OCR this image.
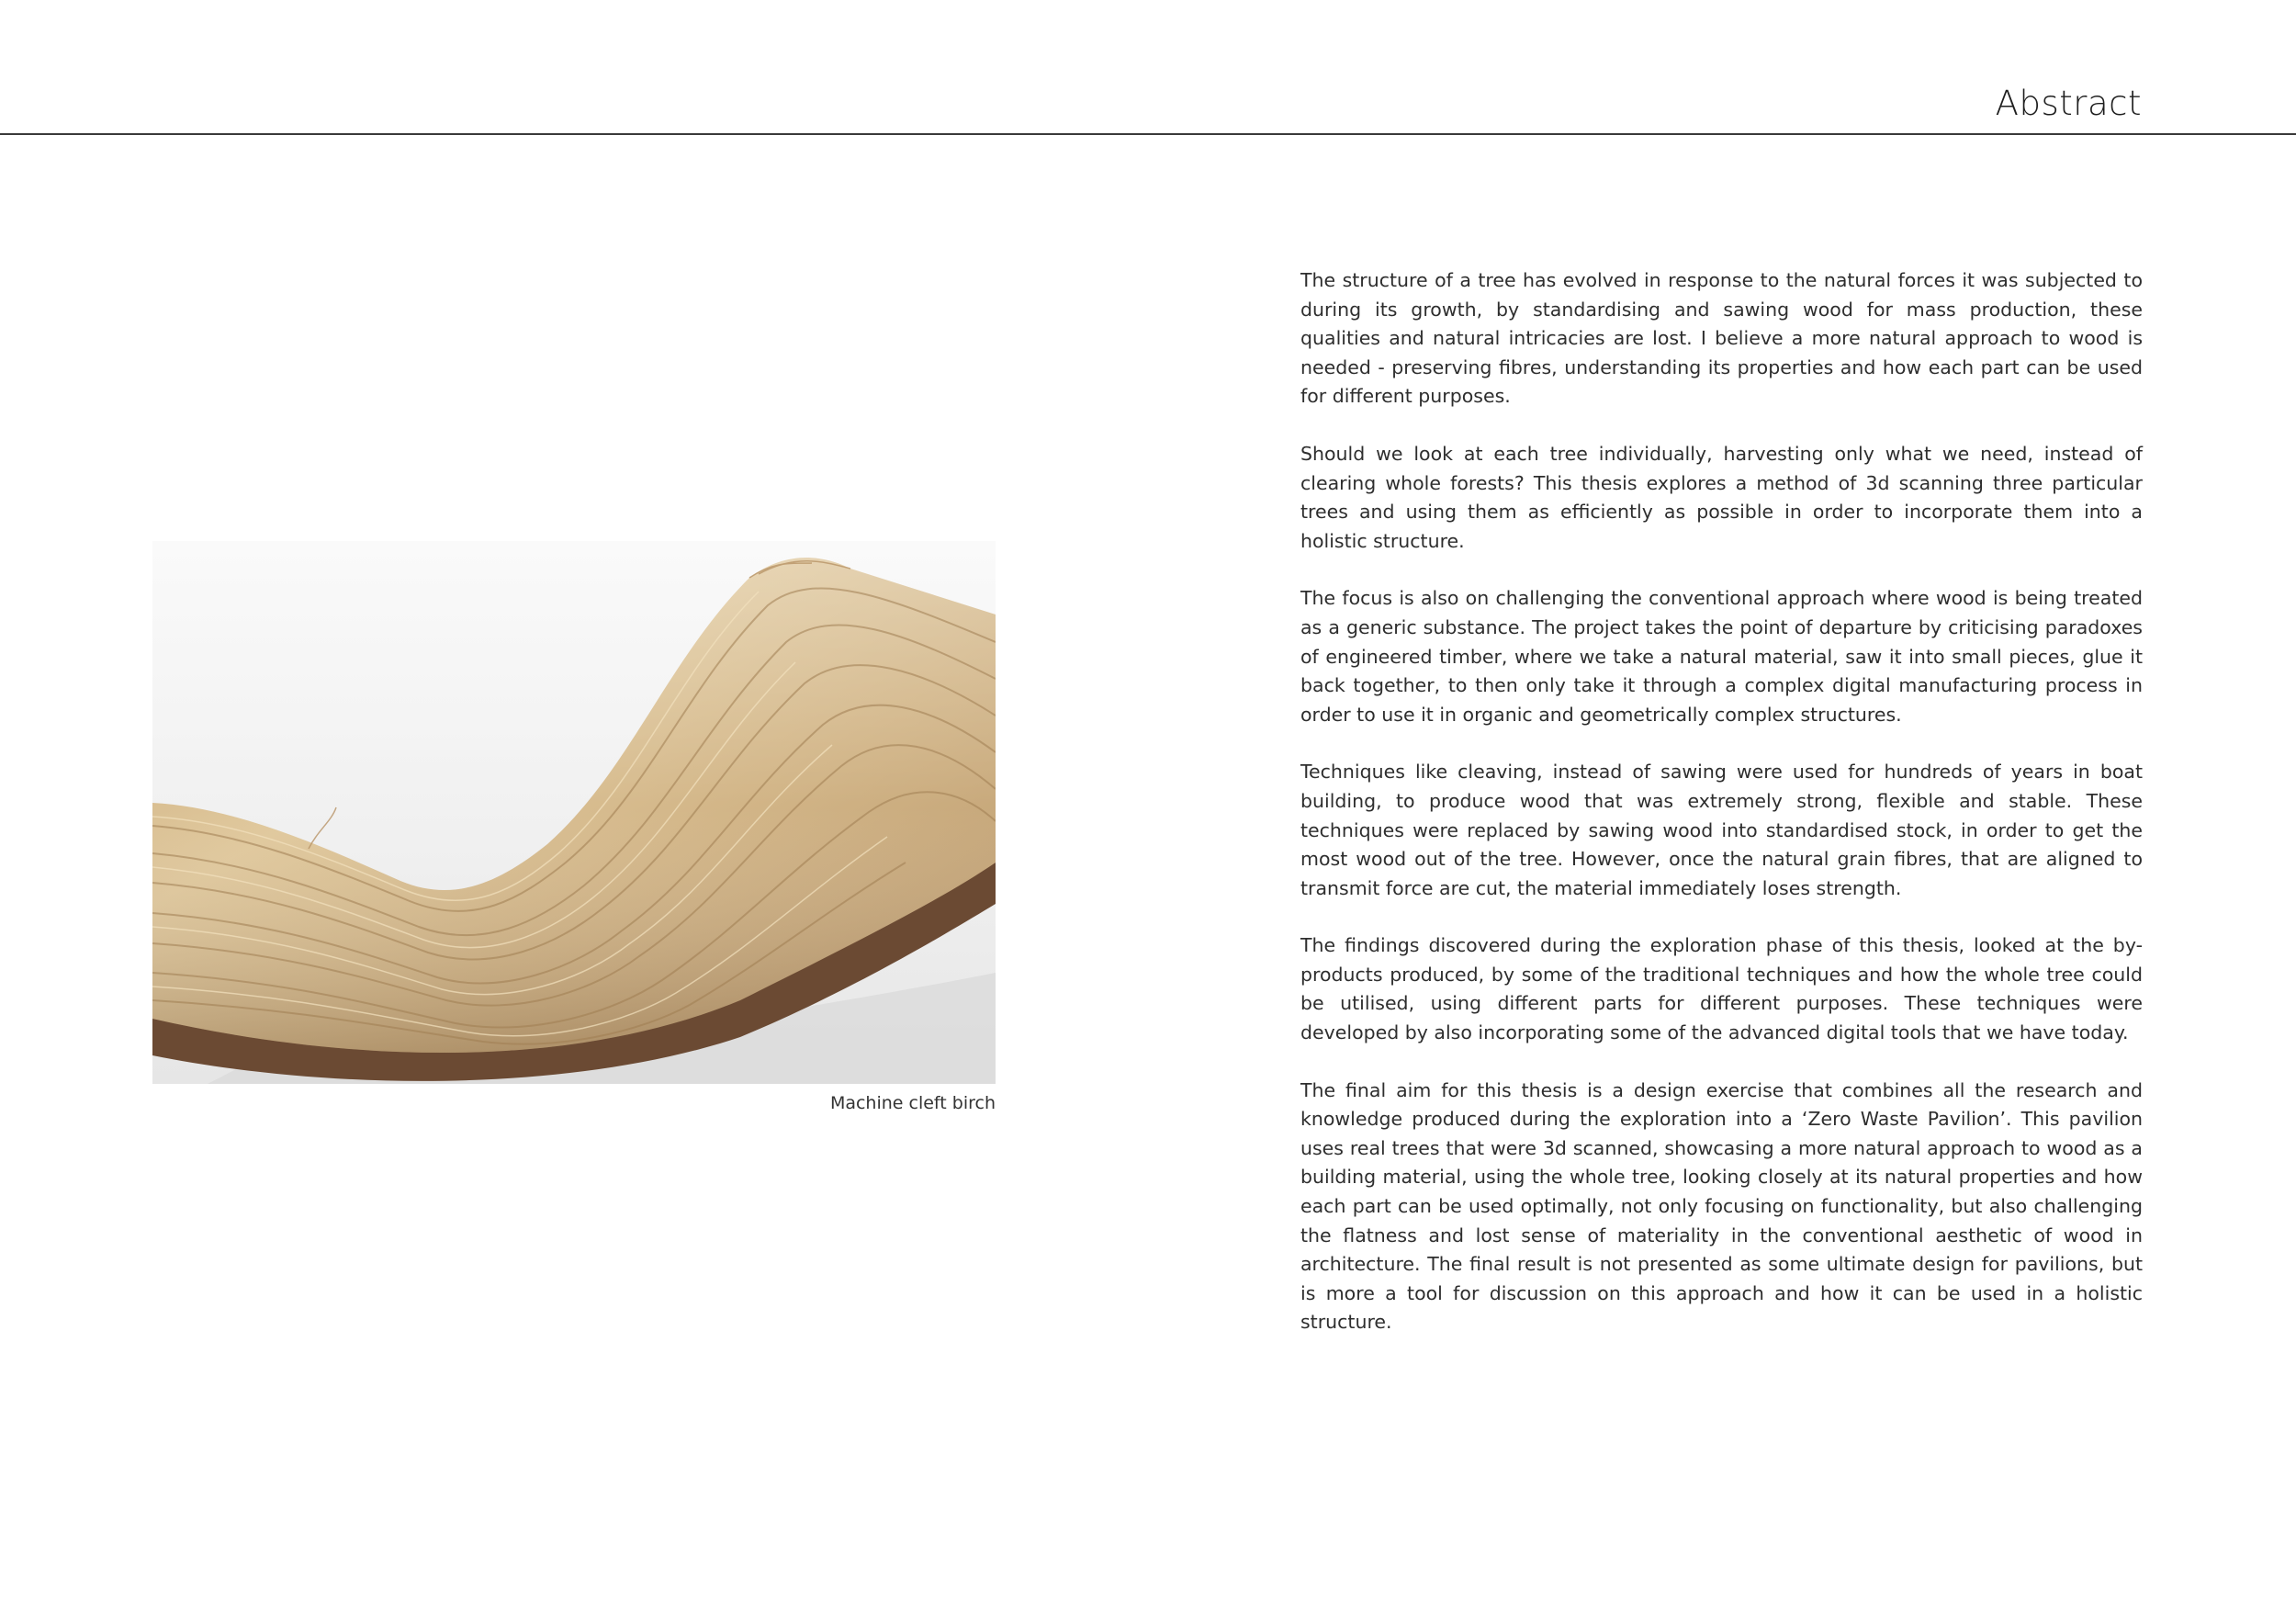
Abstract
Machine cleft birch

The structure of a tree has evolved in response to the natural forces it was subjected to during its growth, by standardising and sawing wood for mass production, these qualities and natural intricacies are lost. I believe a more natural approach to wood is needed - preserving fibres, understanding its properties and how each part can be used for different purposes.

Should we look at each tree individually, harvesting only what we need, instead of clearing whole forests? This thesis explores a method of 3d scanning three particular trees and using them as efficiently as possible in order to incorporate them into a holistic structure.

The focus is also on challenging the conventional approach where wood is being treated as a generic substance. The project takes the point of departure by criticising paradoxes of engineered timber, where we take a natural material, saw it into small pieces, glue it back together, to then only take it through a complex digital manufacturing process in order to use it in organic and geometrically complex structures.

Techniques like cleaving, instead of sawing were used for hundreds of years in boat building, to produce wood that was extremely strong, flexible and stable. These techniques were replaced by sawing wood into standardised stock, in order to get the most wood out of the tree. However, once the natural grain fibres, that are aligned to transmit force are cut, the material immediately loses strength.

The findings discovered during the exploration phase of this thesis, looked at the by-products produced, by some of the traditional techniques and how the whole tree could be utilised, using different parts for different purposes. These techniques were developed by also incorporating some of the advanced digital tools that we have today.

The final aim for this thesis is a design exercise that combines all the research and knowledge produced during the exploration into a ‘Zero Waste Pavilion’. This pavilion uses real trees that were 3d scanned, showcasing a more natural approach to wood as a building material, using the whole tree, looking closely at its natural properties and how each part can be used optimally, not only focusing on functionality, but also challenging the flatness and lost sense of materiality in the conventional aesthetic of wood in architecture. The final result is not presented as some ultimate design for pavilions, but is more a tool for discussion on this approach and how it can be used in a holistic structure.
